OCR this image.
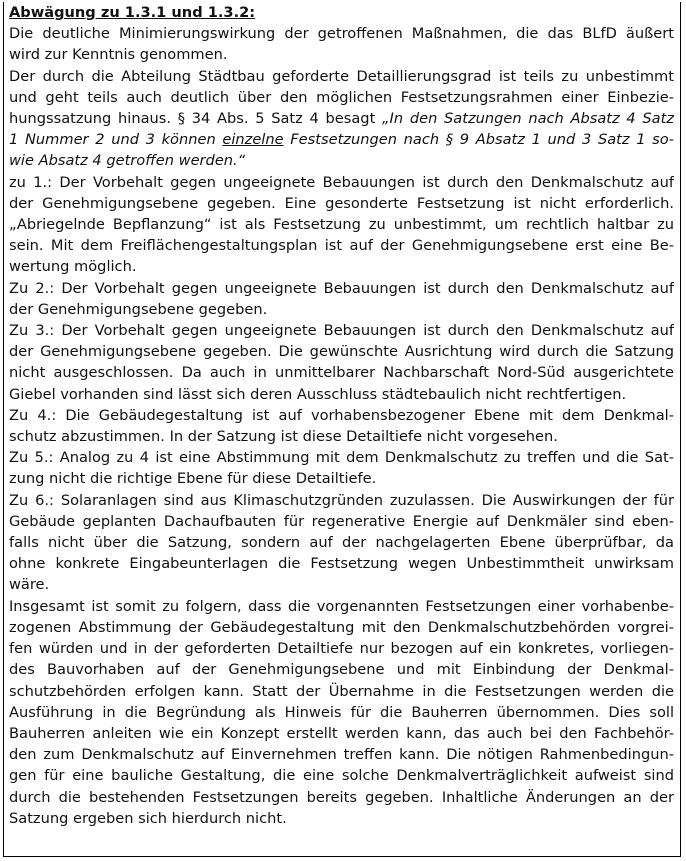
Abwägung zu 1.3.1 und 1.3.2:

Die deutliche Minimierungswirkung der getroffenen Maßnahmen, die das BLfD äußert

wird zur Kenntnis genommen.

Der durch die Abteilung Städtbau geforderte Detaillierungsgrad ist teils zu unbestimmt

und geht teils auch deutlich über den möglichen Festsetzungsrahmen einer Einbezie-

hungssatzung hinaus. § 34 Abs. 5 Satz 4 besagt „In den Satzungen nach Absatz 4 Satz

1 Nummer 2 und 3 können einzelne Festsetzungen nach § 9 Absatz 1 und 3 Satz 1 so-

wie Absatz 4 getroffen werden.“

zu 1.: Der Vorbehalt gegen ungeeignete Bebauungen ist durch den Denkmalschutz auf

der Genehmigungsebene gegeben. Eine gesonderte Festsetzung ist nicht erforderlich.

„Abriegelnde Bepflanzung“ ist als Festsetzung zu unbestimmt, um rechtlich haltbar zu

sein. Mit dem Freiflächengestaltungsplan ist auf der Genehmigungsebene erst eine Be-

wertung möglich.

Zu 2.: Der Vorbehalt gegen ungeeignete Bebauungen ist durch den Denkmalschutz auf

der Genehmigungsebene gegeben.

Zu 3.: Der Vorbehalt gegen ungeeignete Bebauungen ist durch den Denkmalschutz auf

der Genehmigungsebene gegeben. Die gewünschte Ausrichtung wird durch die Satzung

nicht ausgeschlossen. Da auch in unmittelbarer Nachbarschaft Nord-Süd ausgerichtete

Giebel vorhanden sind lässt sich deren Ausschluss städtebaulich nicht rechtfertigen.

Zu 4.: Die Gebäudegestaltung ist auf vorhabensbezogener Ebene mit dem Denkmal-

schutz abzustimmen. In der Satzung ist diese Detailtiefe nicht vorgesehen.

Zu 5.: Analog zu 4 ist eine Abstimmung mit dem Denkmalschutz zu treffen und die Sat-

zung nicht die richtige Ebene für diese Detailtiefe.

Zu 6.: Solaranlagen sind aus Klimaschutzgründen zuzulassen. Die Auswirkungen der für

Gebäude geplanten Dachaufbauten für regenerative Energie auf Denkmäler sind eben-

falls nicht über die Satzung, sondern auf der nachgelagerten Ebene überprüfbar, da

ohne konkrete Eingabeunterlagen die Festsetzung wegen Unbestimmtheit unwirksam

wäre.

Insgesamt ist somit zu folgern, dass die vorgenannten Festsetzungen einer vorhabenbe-

zogenen Abstimmung der Gebäudegestaltung mit den Denkmalschutzbehörden vorgrei-

fen würden und in der geforderten Detailtiefe nur bezogen auf ein konkretes, vorliegen-

des Bauvorhaben auf der Genehmigungsebene und mit Einbindung der Denkmal-

schutzbehörden erfolgen kann. Statt der Übernahme in die Festsetzungen werden die

Ausführung in die Begründung als Hinweis für die Bauherren übernommen. Dies soll

Bauherren anleiten wie ein Konzept erstellt werden kann, das auch bei den Fachbehör-

den zum Denkmalschutz auf Einvernehmen treffen kann. Die nötigen Rahmenbedingun-

gen für eine bauliche Gestaltung, die eine solche Denkmalverträglichkeit aufweist sind

durch die bestehenden Festsetzungen bereits gegeben. Inhaltliche Änderungen an der

Satzung ergeben sich hierdurch nicht.
